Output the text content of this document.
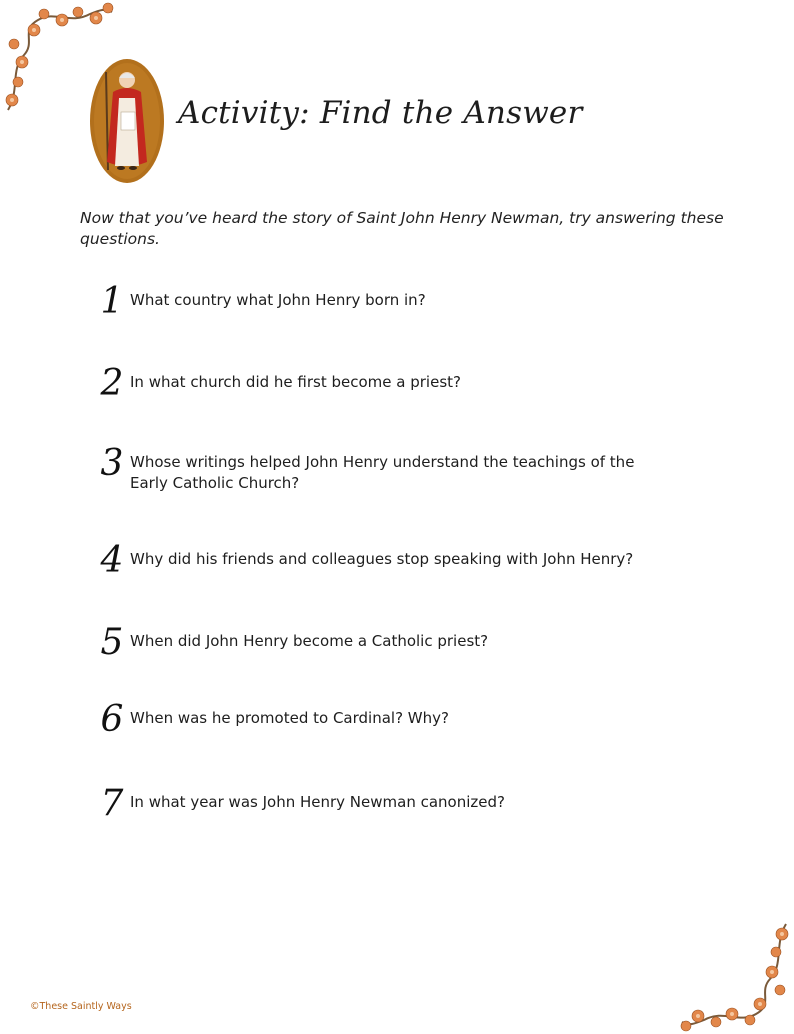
Activity: Find the Answer
Now that you’ve heard the story of Saint John Henry Newman, try answering these questions.
1 What country what John Henry born in?
2 In what church did he first become a priest?
3 Whose writings helped John Henry understand the teachings of the Early Catholic Church?
4 Why did his friends and colleagues stop speaking with John Henry?
5 When did John Henry become a Catholic priest?
6 When was he promoted to Cardinal? Why?
7 In what year was John Henry Newman canonized?
©These Saintly Ways
